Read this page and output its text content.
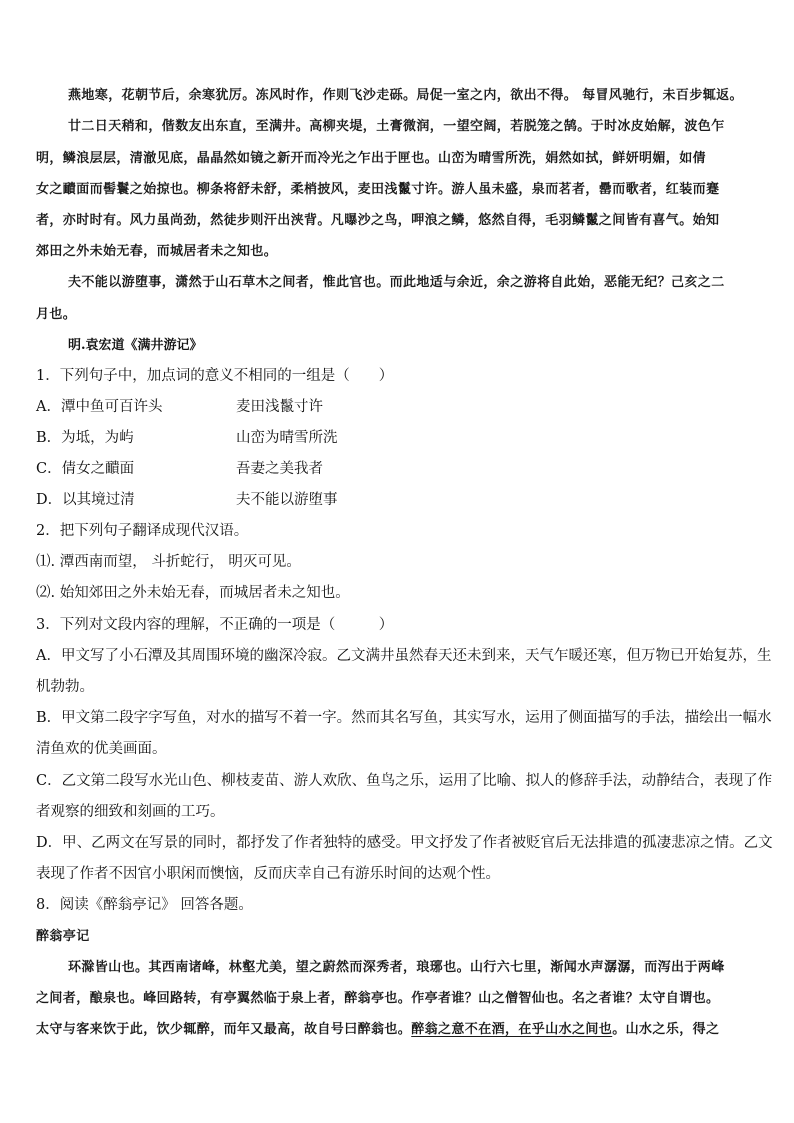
燕地寒，花朝节后，余寒犹厉。冻风时作，作则飞沙走砾。局促一室之内，欲出不得。 每冒风驰行，未百步辄返。
廿二日天稍和，偕数友出东直，至满井。高柳夹堤，土膏微润，一望空阔，若脱笼之鹄。于时冰皮始解，波色乍
明，鳞浪层层，清澈见底，晶晶然如镜之新开而冷光之乍出于匣也。山峦为晴雪所洗，娟然如拭，鲜妍明媚，如倩
女之靧面而髻鬟之始掠也。柳条将舒未舒，柔梢披风，麦田浅鬣寸许。游人虽未盛，泉而茗者，罍而歌者，红装而蹇
者，亦时时有。风力虽尚劲，然徒步则汗出浃背。凡曝沙之鸟，呷浪之鳞，悠然自得，毛羽鳞鬣之间皆有喜气。始知
郊田之外未始无春，而城居者未之知也。
夫不能以游堕事，潇然于山石草木之间者，惟此官也。而此地适与余近，余之游将自此始，恶能无纪？己亥之二
月也。
明.袁宏道《满井游记》
1．下列句子中，加点词的意义不相同的一组是（　　）
A．潭中鱼可百许头	麦田浅鬣寸许
B．为坻，为屿	山峦为晴雪所洗
C．倩女之靧面	吾妻之美我者
D．以其境过清	夫不能以游堕事
2．把下列句子翻译成现代汉语。
⑴. 潭西南而望， 斗折蛇行， 明灭可见。
⑵. 始知郊田之外未始无春，而城居者未之知也。
3．下列对文段内容的理解，不正确的一项是（　　　）
A．甲文写了小石潭及其周围环境的幽深冷寂。乙文满井虽然春天还未到来，天气乍暖还寒，但万物已开始复苏，生
机勃勃。
B．甲文第二段字字写鱼，对水的描写不着一字。然而其名写鱼，其实写水，运用了侧面描写的手法，描绘出一幅水
清鱼欢的优美画面。
C．乙文第二段写水光山色、柳枝麦苗、游人欢欣、鱼鸟之乐，运用了比喻、拟人的修辞手法，动静结合，表现了作
者观察的细致和刻画的工巧。
D．甲、乙两文在写景的同时，都抒发了作者独特的感受。甲文抒发了作者被贬官后无法排遣的孤凄悲凉之情。乙文
表现了作者不因官小职闲而懊恼，反而庆幸自己有游乐时间的达观个性。
8．阅读《醉翁亭记》 回答各题。
醉翁亭记
环滁皆山也。其西南诸峰，林壑尤美，望之蔚然而深秀者，琅琊也。山行六七里，渐闻水声潺潺，而泻出于两峰
之间者，酿泉也。峰回路转，有亭翼然临于泉上者，醉翁亭也。作亭者谁？山之僧智仙也。名之者谁？太守自谓也。
太守与客来饮于此，饮少辄醉，而年又最高，故自号曰醉翁也。醉翁之意不在酒，在乎山水之间也。山水之乐，得之
